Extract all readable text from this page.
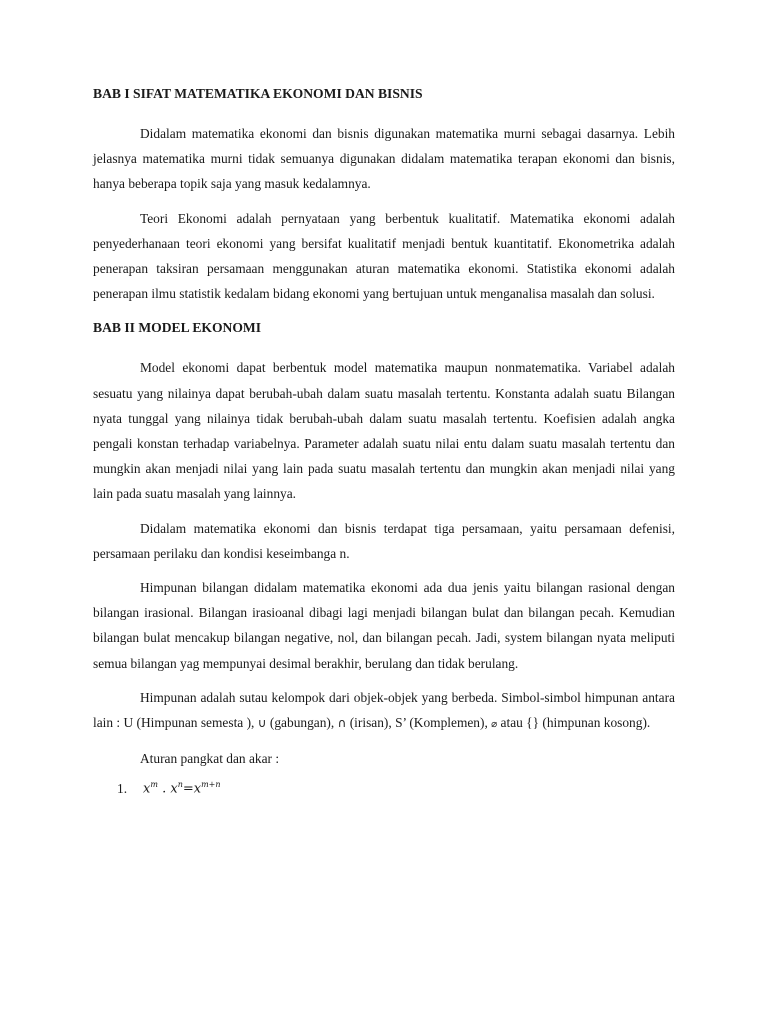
BAB I SIFAT MATEMATIKA EKONOMI DAN BISNIS

Didalam matematika ekonomi dan bisnis digunakan matematika murni sebagai dasarnya. Lebih jelasnya matematika murni tidak semuanya digunakan didalam matematika terapan ekonomi dan bisnis, hanya beberapa topik saja yang masuk kedalamnya.

Teori Ekonomi adalah pernyataan yang berbentuk kualitatif. Matematika ekonomi adalah penyederhanaan teori ekonomi yang bersifat kualitatif menjadi bentuk kuantitatif. Ekonometrika adalah penerapan taksiran persamaan menggunakan aturan matematika ekonomi. Statistika ekonomi adalah penerapan ilmu statistik kedalam bidang ekonomi yang bertujuan untuk menganalisa masalah dan solusi.

BAB II MODEL EKONOMI

Model ekonomi dapat berbentuk model matematika maupun nonmatematika. Variabel adalah sesuatu yang nilainya dapat berubah-ubah dalam suatu masalah tertentu. Konstanta adalah suatu Bilangan nyata tunggal yang nilainya tidak berubah-ubah dalam suatu masalah tertentu. Koefisien adalah angka pengali konstan terhadap variabelnya. Parameter adalah suatu nilai entu dalam suatu masalah tertentu dan mungkin akan menjadi nilai yang lain pada suatu masalah tertentu dan mungkin akan menjadi nilai yang lain pada suatu masalah yang lainnya.

Didalam matematika ekonomi dan bisnis terdapat tiga persamaan, yaitu persamaan defenisi, persamaan perilaku dan kondisi keseimbanga n.

Himpunan bilangan didalam matematika ekonomi ada dua jenis yaitu bilangan rasional dengan bilangan irasional. Bilangan irasioanal dibagi lagi menjadi bilangan bulat dan bilangan pecah. Kemudian bilangan bulat mencakup bilangan negative, nol, dan bilangan pecah. Jadi, system bilangan nyata meliputi semua bilangan yag mempunyai desimal berakhir, berulang dan tidak berulang.

Himpunan adalah sutau kelompok dari objek-objek yang berbeda. Simbol-simbol himpunan antara lain : U (Himpunan semesta ), ∪ (gabungan), ∩ (irisan), S’ (Komplemen), ⌀ atau {} (himpunan kosong).

Aturan pangkat dan akar :

1.	$x^m$ . $x^n=x^{m+n}$
